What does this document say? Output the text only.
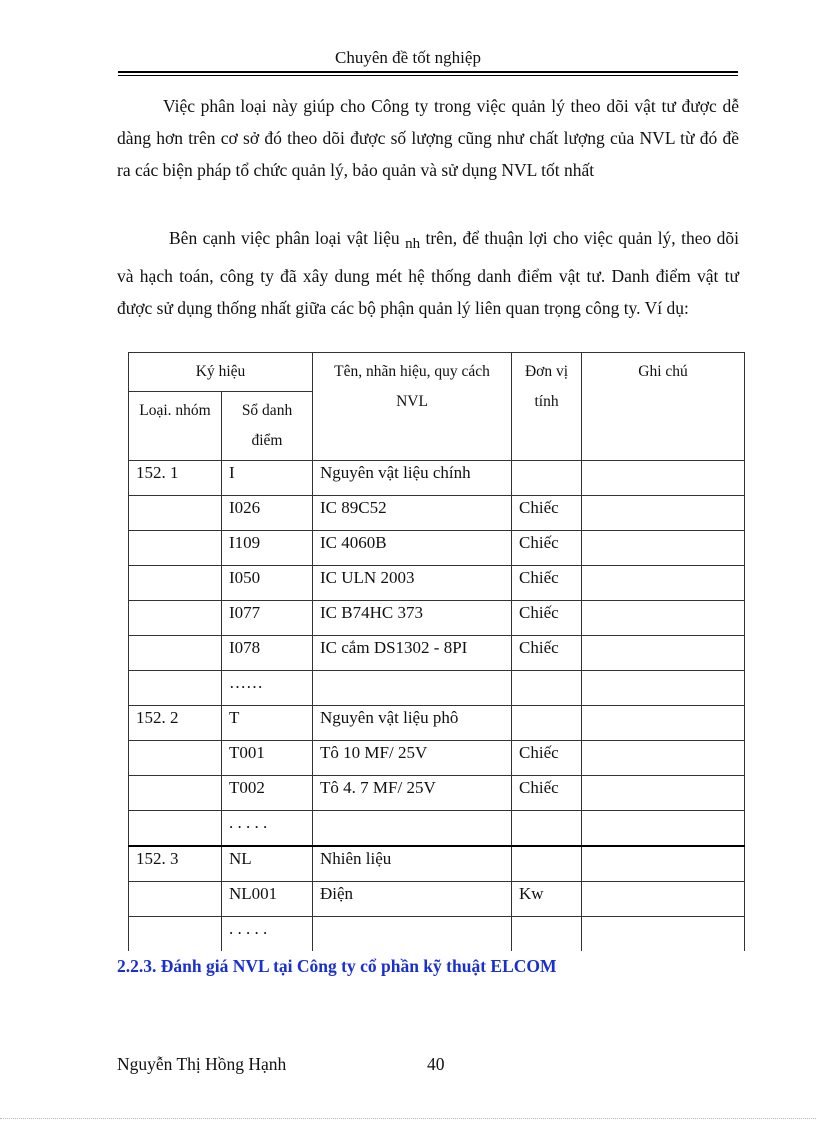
Chuyên đề tốt nghiệp
Việc phân loại này giúp cho Công ty trong việc quản lý theo dõi vật tư được dễ dàng hơn trên cơ sở đó theo dõi được số lượng cũng như chất lượng của NVL từ đó đề ra các biện pháp tổ chức quản lý, bảo quản và sử dụng NVL tốt nhất
Bên cạnh việc phân loại vật liệu nh trên, để thuận lợi cho việc quản lý, theo dõi và hạch toán, công ty đã xây dung mét hệ thống danh điểm vật tư. Danh điểm vật tư được sử dụng thống nhất giữa các bộ phận quản lý liên quan trọng công ty. Ví dụ:
Ký hiệu		Tên, nhãn hiệu, quy cách NVL	Đơn vị tính	Ghi chú
Loại. nhóm	Sổ danh điểm			
152. 1	I	Nguyên vật liệu chính		
	I026	IC 89C52	Chiếc	
	I109	IC 4060B	Chiếc	
	I050	IC ULN 2003	Chiếc	
	I077	IC B74HC 373	Chiếc	
	I078	IC cắm DS1302 - 8PI	Chiếc	
	……			
152. 2	T	Nguyên vật liệu phô		
	T001	Tô 10 MF/ 25V	Chiếc	
	T002	Tô 4. 7 MF/ 25V	Chiếc	
	. . . . .			
152. 3	NL	Nhiên liệu		
	NL001	Điện	Kw	
	. . . . .			
2.2.3. Đánh giá NVL tại Công ty cổ phần kỹ thuật ELCOM
Nguyễn Thị Hồng Hạnh	40
